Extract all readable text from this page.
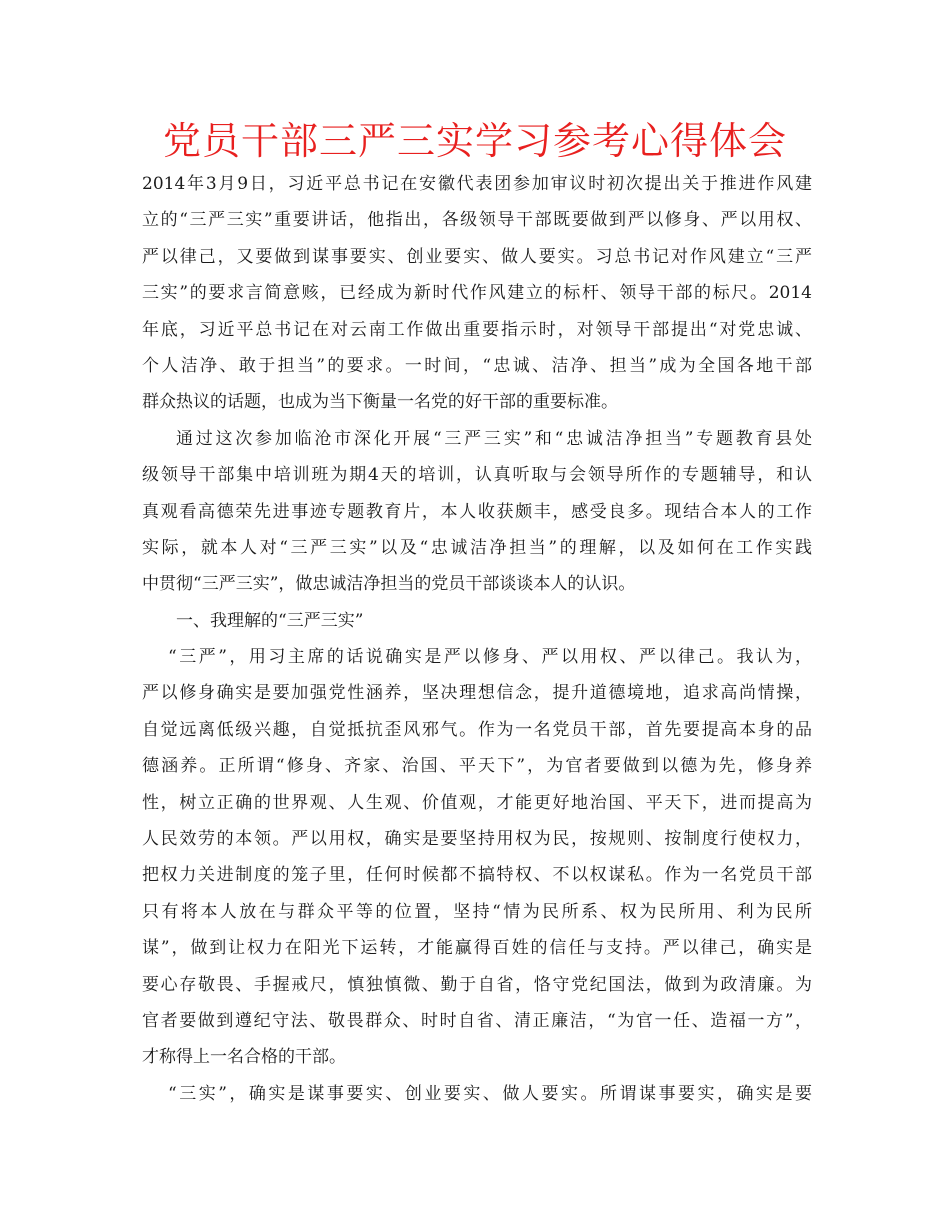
党员干部三严三实学习参考心得体会
2014年3月9日，习近平总书记在安徽代表团参加审议时初次提出关于推进作风建
立的“三严三实”重要讲话，他指出，各级领导干部既要做到严以修身、严以用权、
严以律己，又要做到谋事要实、创业要实、做人要实。习总书记对作风建立“三严
三实”的要求言简意赅，已经成为新时代作风建立的标杆、领导干部的标尺。2014
年底，习近平总书记在对云南工作做出重要指示时，对领导干部提出“对党忠诚、
个人洁净、敢于担当”的要求。一时间，“忠诚、洁净、担当”成为全国各地干部
群众热议的话题，也成为当下衡量一名党的好干部的重要标准。
通过这次参加临沧市深化开展“三严三实”和“忠诚洁净担当”专题教育县处
级领导干部集中培训班为期4天的培训，认真听取与会领导所作的专题辅导，和认
真观看高德荣先进事迹专题教育片，本人收获颇丰，感受良多。现结合本人的工作
实际，就本人对“三严三实”以及“忠诚洁净担当”的理解，以及如何在工作实践
中贯彻“三严三实”，做忠诚洁净担当的党员干部谈谈本人的认识。
一、我理解的“三严三实”
“三严”，用习主席的话说确实是严以修身、严以用权、严以律己。我认为，
严以修身确实是要加强党性涵养，坚决理想信念，提升道德境地，追求高尚情操，
自觉远离低级兴趣，自觉抵抗歪风邪气。作为一名党员干部，首先要提高本身的品
德涵养。正所谓“修身、齐家、治国、平天下”，为官者要做到以德为先，修身养
性，树立正确的世界观、人生观、价值观，才能更好地治国、平天下，进而提高为
人民效劳的本领。严以用权，确实是要坚持用权为民，按规则、按制度行使权力，
把权力关进制度的笼子里，任何时候都不搞特权、不以权谋私。作为一名党员干部
只有将本人放在与群众平等的位置，坚持“情为民所系、权为民所用、利为民所
谋”，做到让权力在阳光下运转，才能赢得百姓的信任与支持。严以律己，确实是
要心存敬畏、手握戒尺，慎独慎微、勤于自省，恪守党纪国法，做到为政清廉。为
官者要做到遵纪守法、敬畏群众、时时自省、清正廉洁，“为官一任、造福一方”，
才称得上一名合格的干部。
“三实”，确实是谋事要实、创业要实、做人要实。所谓谋事要实，确实是要
